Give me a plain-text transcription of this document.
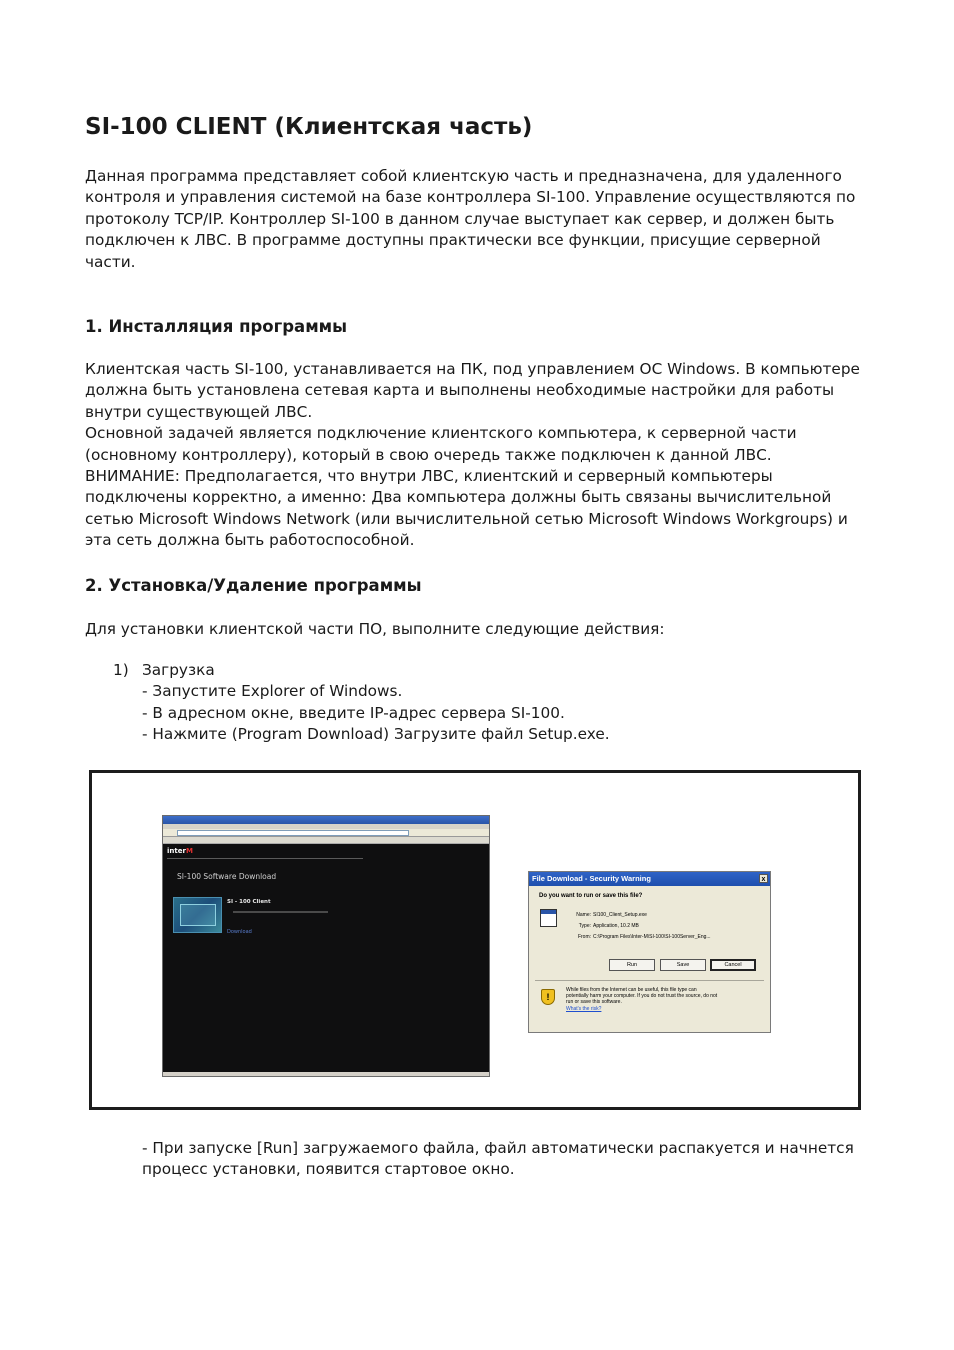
SI-100 CLIENT (Клиентская часть)
Данная программа представляет собой клиентскую часть и предназначена, для удаленного
контроля и управления системой на базе контроллера SI-100. Управление осуществляются по
протоколу TCP/IP. Контроллер SI-100 в данном случае выступает как сервер, и должен быть
подключен к ЛВС. В программе доступны практически все функции, присущие серверной
части.
1. Инсталляция программы
Клиентская часть SI-100, устанавливается на ПК, под управлением ОС Windows. В компьютере
должна быть установлена сетевая карта и выполнены необходимые настройки для работы
внутри существующей ЛВС.
Основной задачей является подключение клиентского компьютера, к серверной части
(основному контроллеру), который в свою очередь также подключен к данной ЛВС.
ВНИМАНИЕ: Предполагается, что внутри ЛВС, клиентский и серверный компьютеры
подключены корректно, а именно: Два компьютера должны быть связаны вычислительной
сетью Microsoft Windows Network (или вычислительной сетью Microsoft Windows Workgroups) и
эта сеть должна быть работоспособной.
2. Установка/Удаление программы
Для установки клиентской части ПО, выполните следующие действия:
1) Загрузка
- Запустите Explorer of Windows.
- В адресном окне, введите IP-адрес сервера SI-100.
- Нажмите (Program Download) Загрузите файл Setup.exe.
interM
SI-100 Software Download
SI - 100 Client
Download
File Download - Security Warning	x
Do you want to run or save this file?
Name: SI100_Client_Setup.exe
Type: Application, 10.2 MB
From: C:\Program Files\Inter-M\SI-100\SI-100Server_Eng...
Run	Save	Cancel
!
While files from the Internet can be useful, this file type can
potentially harm your computer. If you do not trust the source, do not
run or save this software.
What's the risk?
- При запуске [Run] загружаемого файла, файл автоматически распакуется и начнется
процесс установки, появится стартовое окно.
